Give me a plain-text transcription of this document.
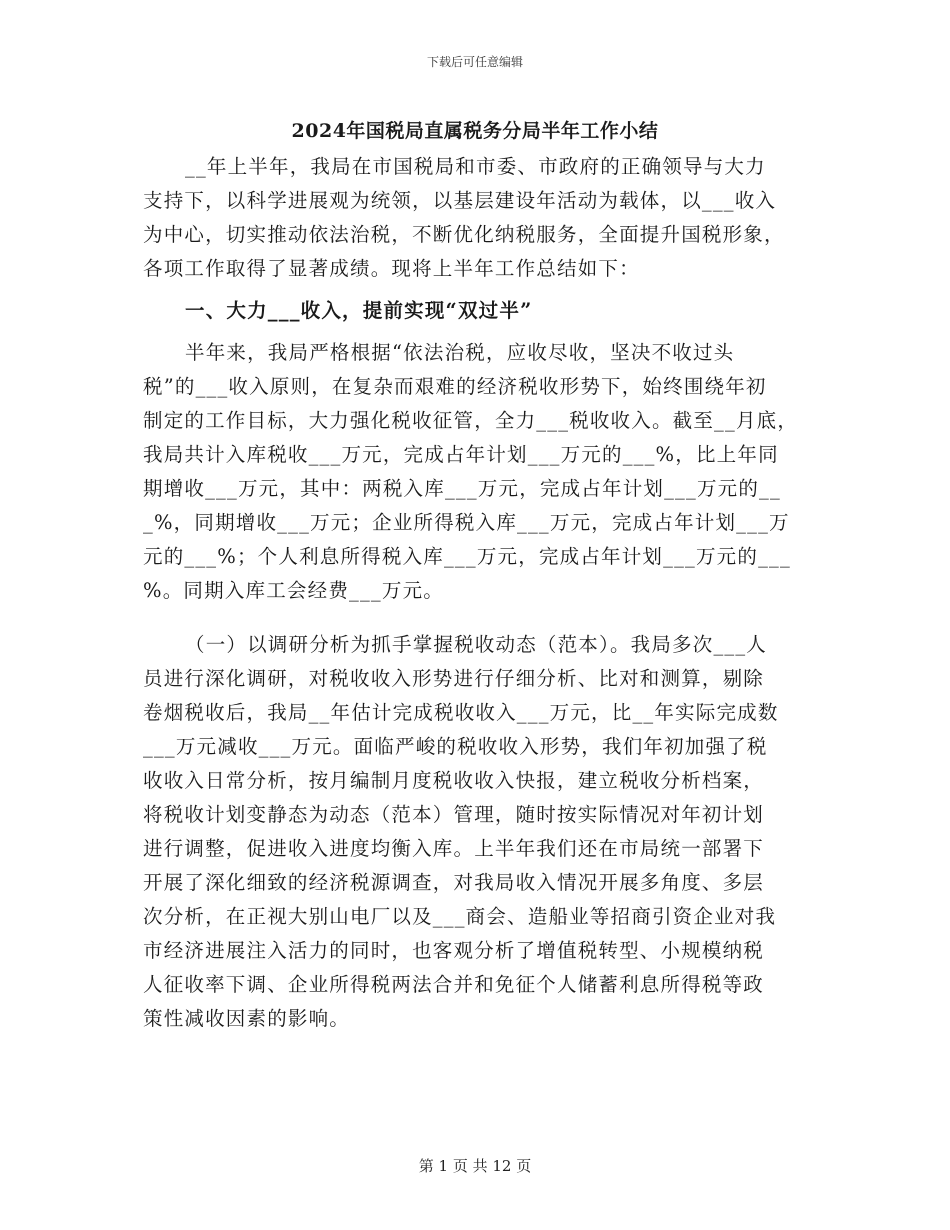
下载后可任意编辑
2024年国税局直属税务分局半年工作小结
__年上半年，我局在市国税局和市委、市政府的正确领导与大力
支持下，以科学进展观为统领，以基层建设年活动为载体，以___收入
为中心，切实推动依法治税，不断优化纳税服务，全面提升国税形象，
各项工作取得了显著成绩。现将上半年工作总结如下：
一、大力___收入，提前实现“双过半”
半年来，我局严格根据“依法治税，应收尽收，坚决不收过头
税”的___收入原则，在复杂而艰难的经济税收形势下，始终围绕年初
制定的工作目标，大力强化税收征管，全力___税收收入。截至__月底，
我局共计入库税收___万元，完成占年计划___万元的___%，比上年同
期增收___万元，其中：两税入库___万元，完成占年计划___万元的__
_%，同期增收___万元；企业所得税入库___万元，完成占年计划___万
元的___%；个人利息所得税入库___万元，完成占年计划___万元的___
%。同期入库工会经费___万元。
（一）以调研分析为抓手掌握税收动态（范本）。我局多次___人
员进行深化调研，对税收收入形势进行仔细分析、比对和测算，剔除
卷烟税收后，我局__年估计完成税收收入___万元，比__年实际完成数
___万元减收___万元。面临严峻的税收收入形势，我们年初加强了税
收收入日常分析，按月编制月度税收收入快报，建立税收分析档案，
将税收计划变静态为动态（范本）管理，随时按实际情况对年初计划
进行调整，促进收入进度均衡入库。上半年我们还在市局统一部署下
开展了深化细致的经济税源调查，对我局收入情况开展多角度、多层
次分析，在正视大别山电厂以及___商会、造船业等招商引资企业对我
市经济进展注入活力的同时，也客观分析了增值税转型、小规模纳税
人征收率下调、企业所得税两法合并和免征个人储蓄利息所得税等政
策性减收因素的影响。
第 1 页 共 12 页
